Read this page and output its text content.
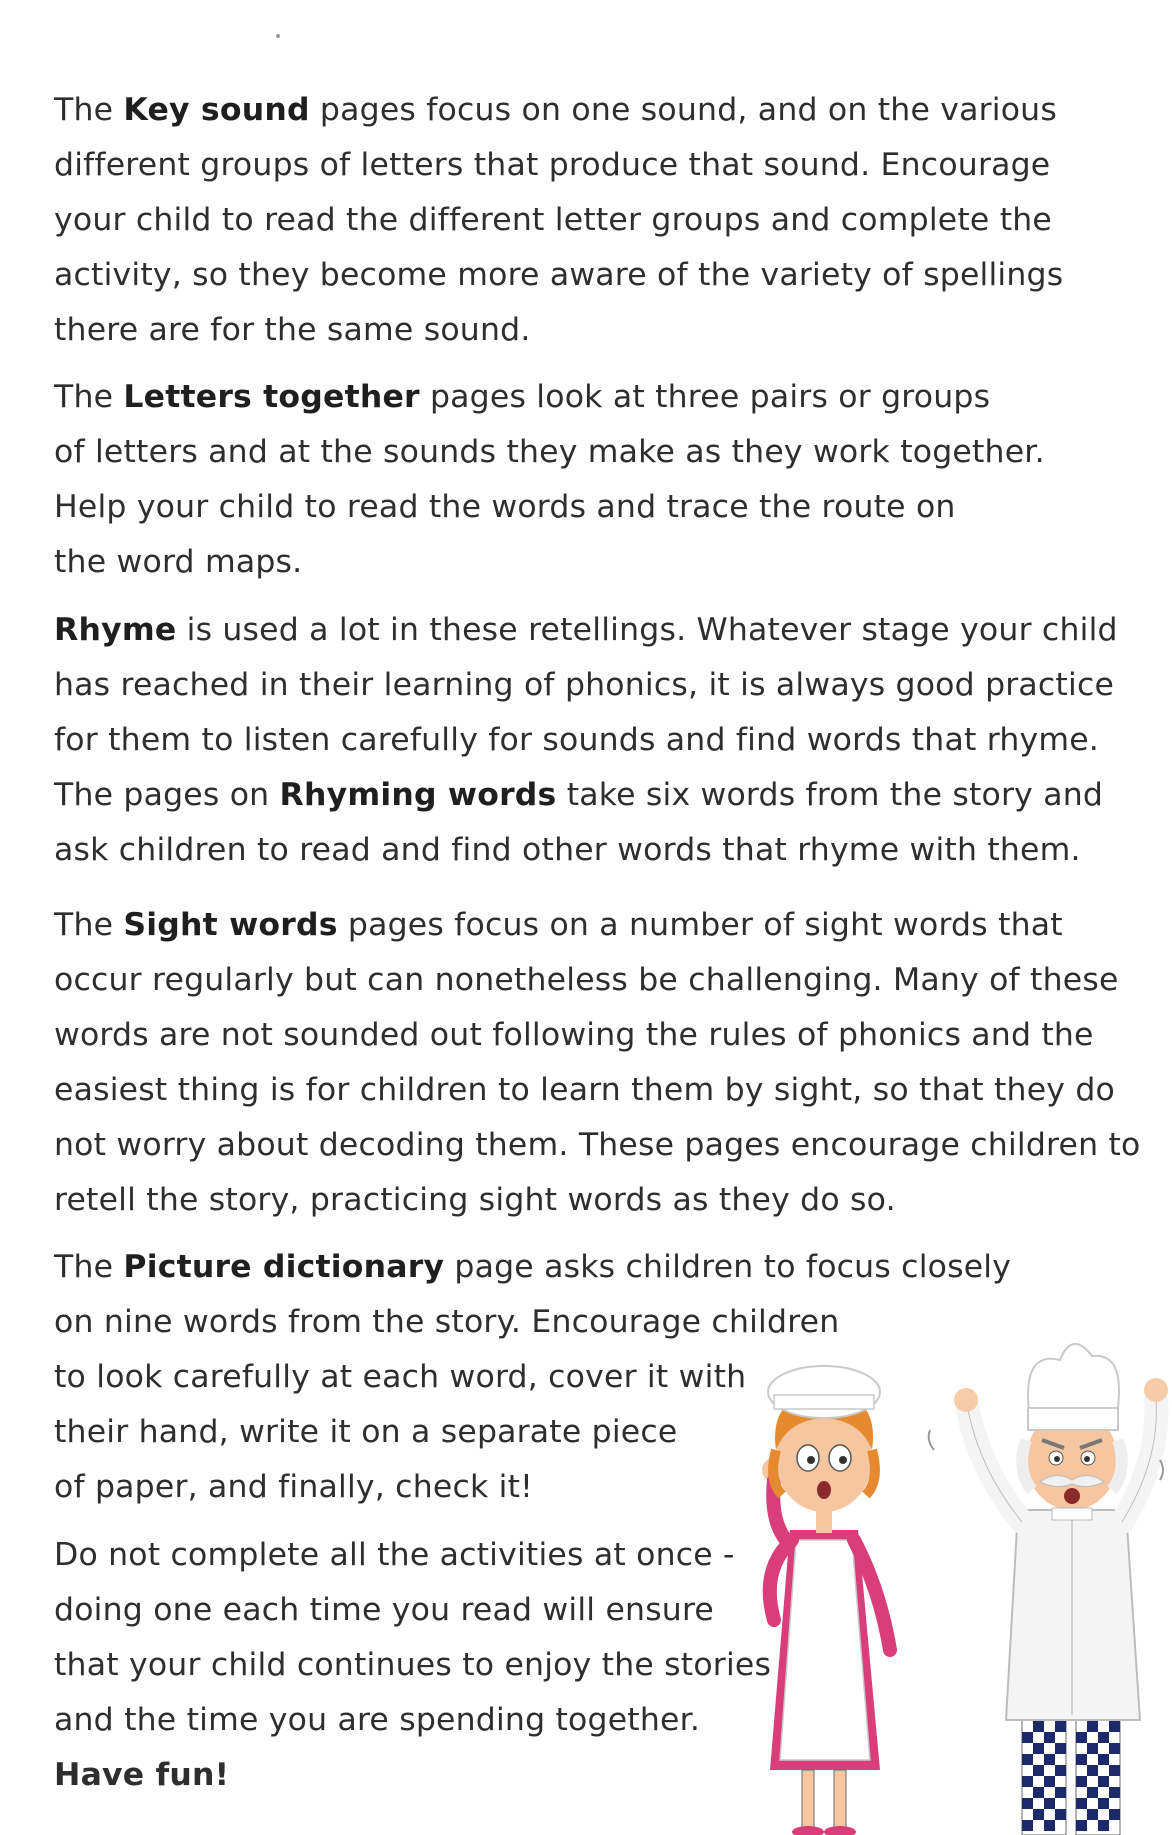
The Key sound pages focus on one sound, and on the various
different groups of letters that produce that sound. Encourage
your child to read the different letter groups and complete the
activity, so they become more aware of the variety of spellings
there are for the same sound.
The Letters together pages look at three pairs or groups
of letters and at the sounds they make as they work together.
Help your child to read the words and trace the route on
the word maps.
Rhyme is used a lot in these retellings. Whatever stage your child
has reached in their learning of phonics, it is always good practice
for them to listen carefully for sounds and find words that rhyme.
The pages on Rhyming words take six words from the story and
ask children to read and find other words that rhyme with them.
The Sight words pages focus on a number of sight words that
occur regularly but can nonetheless be challenging. Many of these
words are not sounded out following the rules of phonics and the
easiest thing is for children to learn them by sight, so that they do
not worry about decoding them. These pages encourage children to
retell the story, practicing sight words as they do so.
The Picture dictionary page asks children to focus closely
on nine words from the story. Encourage children
to look carefully at each word, cover it with
their hand, write it on a separate piece
of paper, and finally, check it!
Do not complete all the activities at once -
doing one each time you read will ensure
that your child continues to enjoy the stories
and the time you are spending together.
Have fun!
